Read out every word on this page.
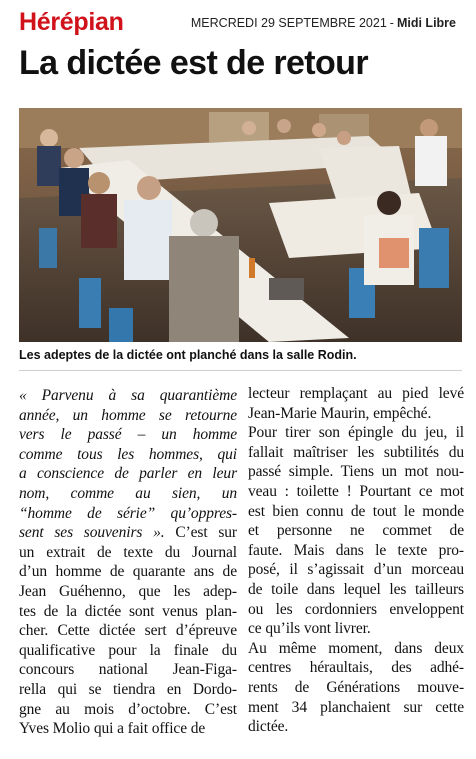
Hérépian	MERCREDI 29 SEPTEMBRE 2021 - Midi Libre
La dictée est de retour
Les adeptes de la dictée ont planché dans la salle Rodin.
« Parvenu à sa quarantième
année, un homme se retourne
vers le passé – un homme
comme tous les hommes, qui
a conscience de parler en leur
nom, comme au sien, un
“homme de série” qu’oppres-
sent ses souvenirs ». C’est sur
un extrait de texte du Journal
d’un homme de quarante ans de
Jean Guéhenno, que les adep-
tes de la dictée sont venus plan-
cher. Cette dictée sert d’épreuve
qualificative pour la finale du
concours national Jean-Figa-
rella qui se tiendra en Dordo-
gne au mois d’octobre. C’est
Yves Molio qui a fait office de
lecteur remplaçant au pied levé
Jean-Marie Maurin, empêché.
Pour tirer son épingle du jeu, il
fallait maîtriser les subtilités du
passé simple. Tiens un mot nou-
veau : toilette ! Pourtant ce mot
est bien connu de tout le monde
et personne ne commet de
faute. Mais dans le texte pro-
posé, il s’agissait d’un morceau
de toile dans lequel les tailleurs
ou les cordonniers enveloppent
ce qu’ils vont livrer.
Au même moment, dans deux
centres héraultais, des adhé-
rents de Générations mouve-
ment 34 planchaient sur cette
dictée.
